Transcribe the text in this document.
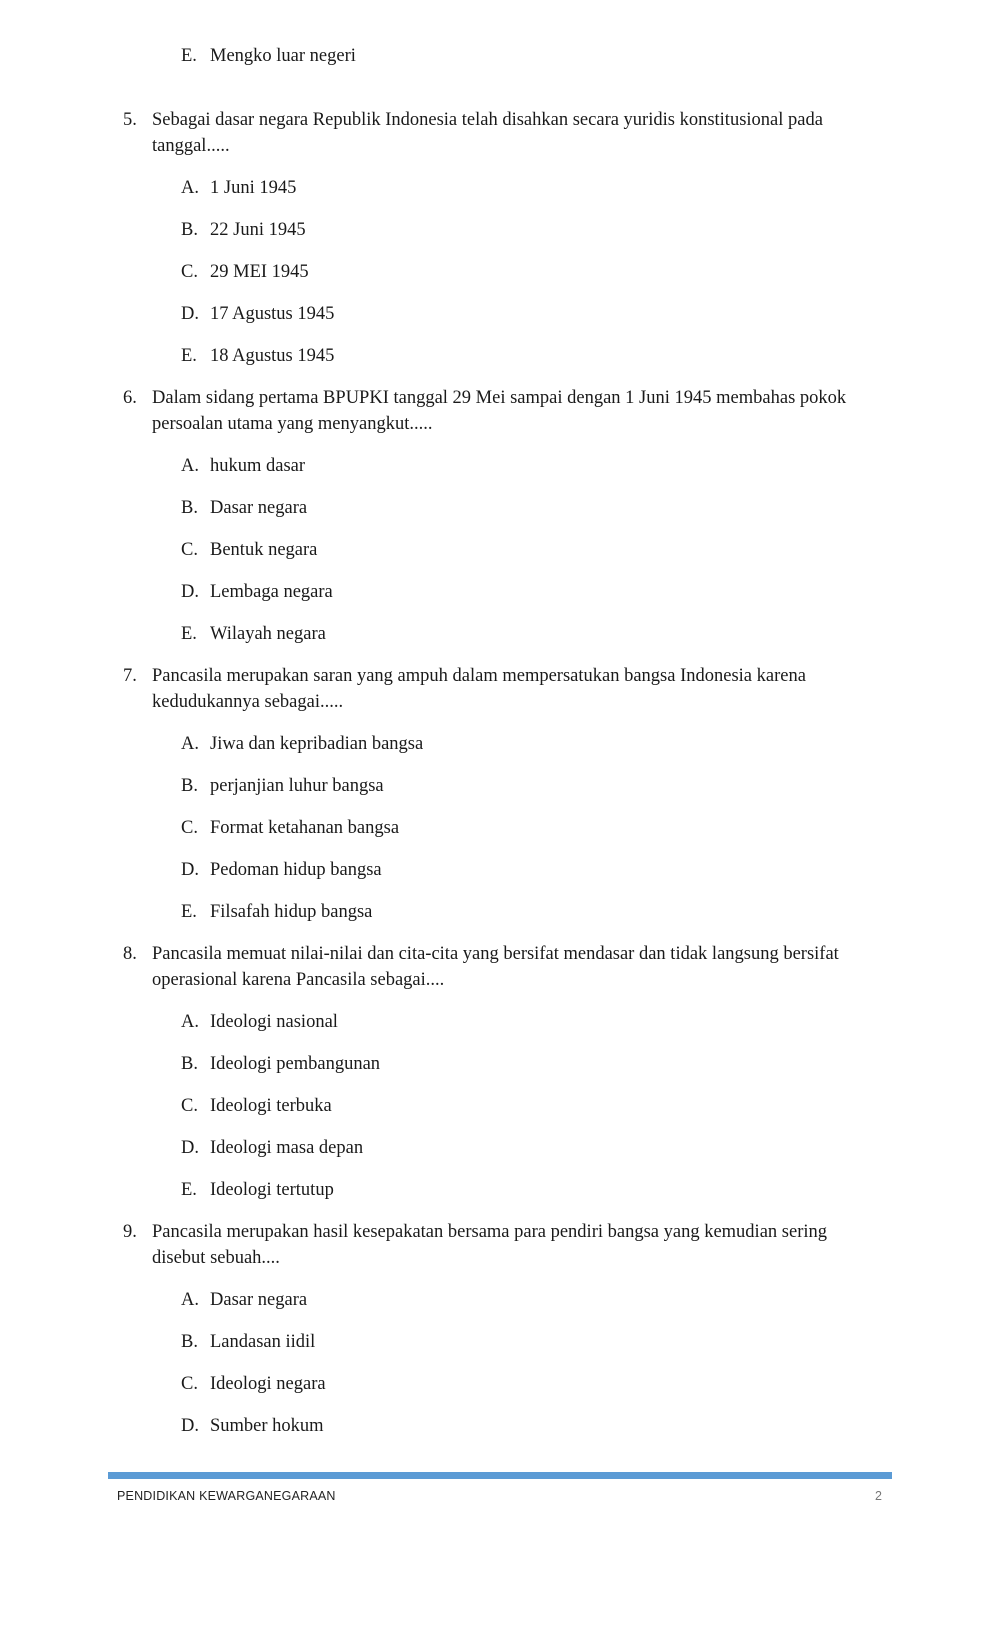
E. Mengko luar negeri
5. Sebagai dasar negara Republik Indonesia telah disahkan secara yuridis konstitusional pada
tanggal.....
A. 1 Juni 1945
B. 22 Juni 1945
C. 29 MEI 1945
D. 17 Agustus 1945
E. 18 Agustus 1945
6. Dalam sidang pertama BPUPKI tanggal 29 Mei sampai dengan 1 Juni 1945 membahas pokok
persoalan utama yang menyangkut.....
A. hukum dasar
B. Dasar negara
C. Bentuk negara
D. Lembaga negara
E. Wilayah negara
7. Pancasila merupakan saran yang ampuh dalam mempersatukan bangsa Indonesia karena
kedudukannya sebagai.....
A. Jiwa dan kepribadian bangsa
B. perjanjian luhur bangsa
C. Format ketahanan bangsa
D. Pedoman hidup bangsa
E. Filsafah hidup bangsa
8. Pancasila memuat nilai-nilai dan cita-cita yang bersifat mendasar dan tidak langsung bersifat
operasional karena Pancasila sebagai....
A. Ideologi nasional
B. Ideologi pembangunan
C. Ideologi terbuka
D. Ideologi masa depan
E. Ideologi tertutup
9. Pancasila merupakan hasil kesepakatan bersama para pendiri bangsa yang kemudian sering
disebut sebuah....
A. Dasar negara
B. Landasan iidil
C. Ideologi negara
D. Sumber hokum
PENDIDIKAN KEWARGANEGARAAN	2
